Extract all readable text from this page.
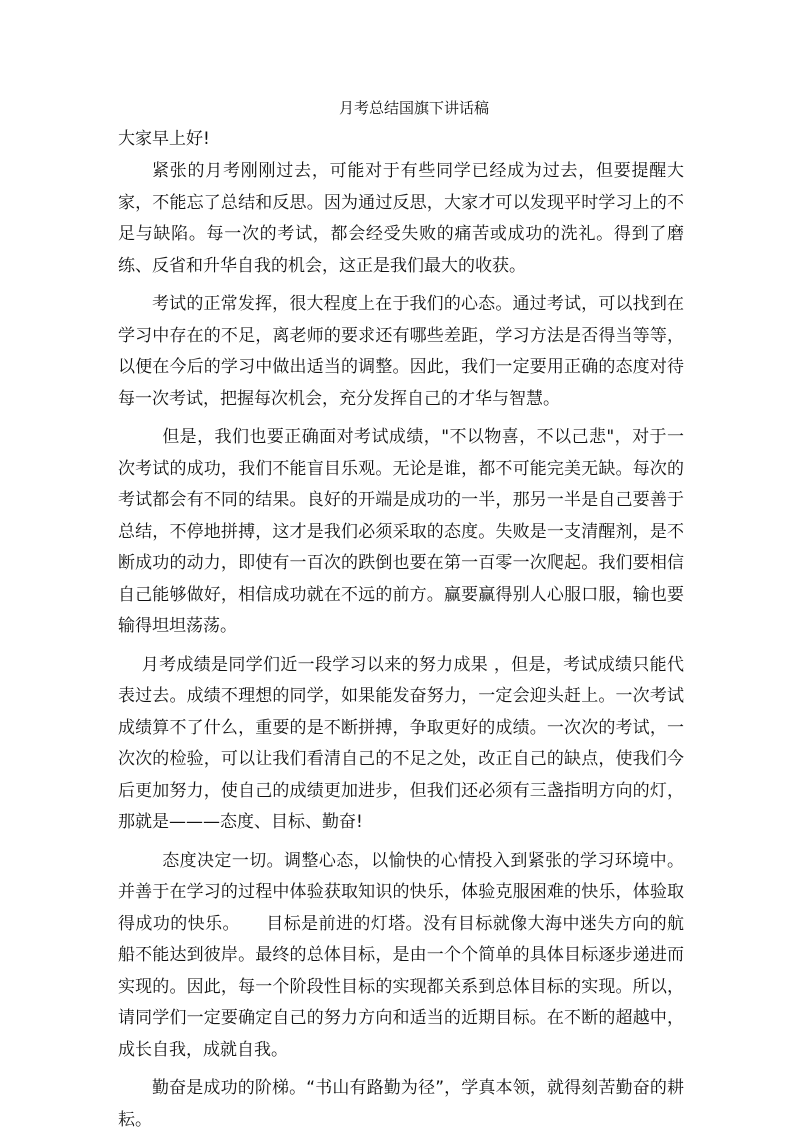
月考总结国旗下讲话稿
大家早上好!

紧张的月考刚刚过去，可能对于有些同学已经成为过去，但要提醒大家，不能忘了总结和反思。因为通过反思，大家才可以发现平时学习上的不足与缺陷。每一次的考试，都会经受失败的痛苦或成功的洗礼。得到了磨练、反省和升华自我的机会，这正是我们最大的收获。

考试的正常发挥，很大程度上在于我们的心态。通过考试，可以找到在学习中存在的不足，离老师的要求还有哪些差距，学习方法是否得当等等，以便在今后的学习中做出适当的调整。因此，我们一定要用正确的态度对待每一次考试，把握每次机会，充分发挥自己的才华与智慧。

但是，我们也要正确面对考试成绩，"不以物喜，不以己悲"，对于一次考试的成功，我们不能盲目乐观。无论是谁，都不可能完美无缺。每次的考试都会有不同的结果。良好的开端是成功的一半，那另一半是自己要善于总结，不停地拼搏，这才是我们必须采取的态度。失败是一支清醒剂，是不断成功的动力，即使有一百次的跌倒也要在第一百零一次爬起。我们要相信自己能够做好，相信成功就在不远的前方。赢要赢得别人心服口服，输也要输得坦坦荡荡。

月考成绩是同学们近一段学习以来的努力成果 ，但是，考试成绩只能代表过去。成绩不理想的同学，如果能发奋努力，一定会迎头赶上。一次考试成绩算不了什么，重要的是不断拼搏，争取更好的成绩。一次次的考试，一次次的检验，可以让我们看清自己的不足之处，改正自己的缺点，使我们今后更加努力，使自己的成绩更加进步，但我们还必须有三盏指明方向的灯，那就是———态度、目标、勤奋!

态度决定一切。调整心态，以愉快的心情投入到紧张的学习环境中。并善于在学习的过程中体验获取知识的快乐，体验克服困难的快乐，体验取得成功的快乐。　　目标是前进的灯塔。没有目标就像大海中迷失方向的航船不能达到彼岸。最终的总体目标，是由一个个简单的具体目标逐步递进而实现的。因此，每一个阶段性目标的实现都关系到总体目标的实现。所以，请同学们一定要确定自己的努力方向和适当的近期目标。在不断的超越中，成长自我，成就自我。

勤奋是成功的阶梯。“书山有路勤为径”，学真本领，就得刻苦勤奋的耕耘。
